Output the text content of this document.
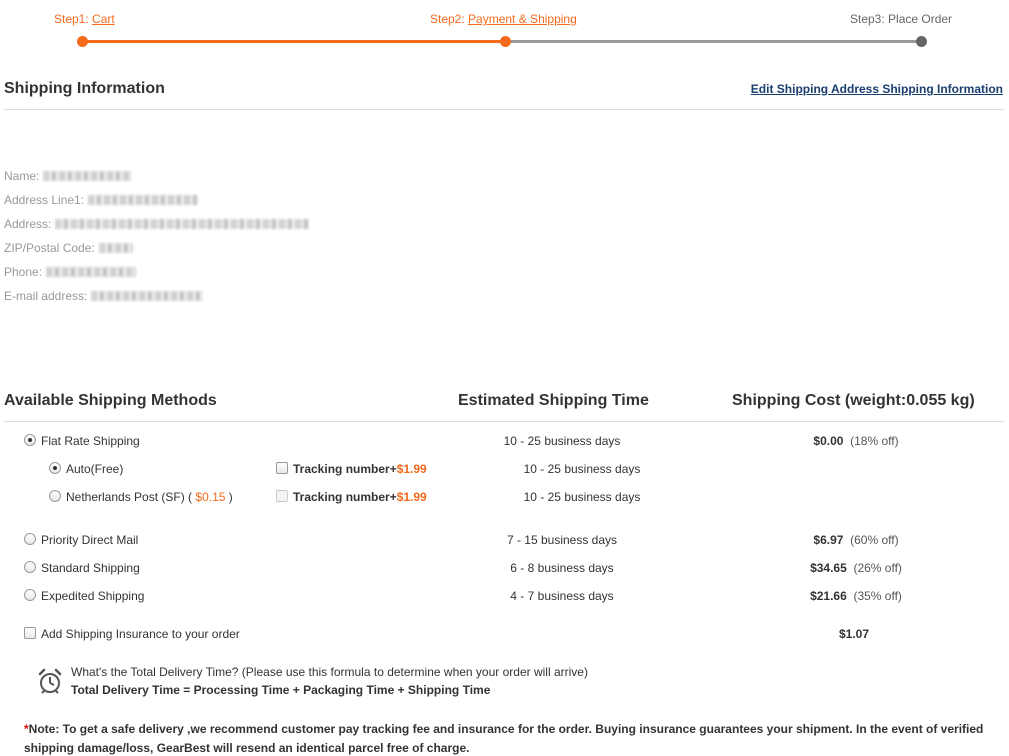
Step1: Cart	Step2: Payment & Shipping	Step3: Place Order
Shipping Information	Edit Shipping Address Shipping Information
Name :
Address Line1 :
Address :
ZIP/Postal Code :
Phone :
E-mail address :
Available Shipping Methods	Estimated Shipping Time	Shipping Cost (weight:0.055 kg)
Flat Rate Shipping	10 - 25 business days	$0.00 (18% off)
Auto(Free)	Tracking number+$1.99	10 - 25 business days
Netherlands Post (SF) ( $0.15 )	Tracking number+$1.99	10 - 25 business days
Priority Direct Mail	7 - 15 business days	$6.97 (60% off)
Standard Shipping	6 - 8 business days	$34.65 (26% off)
Expedited Shipping	4 - 7 business days	$21.66 (35% off)
Add Shipping Insurance to your order	$1.07
What's the Total Delivery Time? (Please use this formula to determine when your order will arrive)
Total Delivery Time = Processing Time + Packaging Time + Shipping Time
*Note: To get a safe delivery ,we recommend customer pay tracking fee and insurance for the order. Buying insurance guarantees your shipment. In the event of verified shipping damage/loss, GearBest will resend an identical parcel free of charge.
